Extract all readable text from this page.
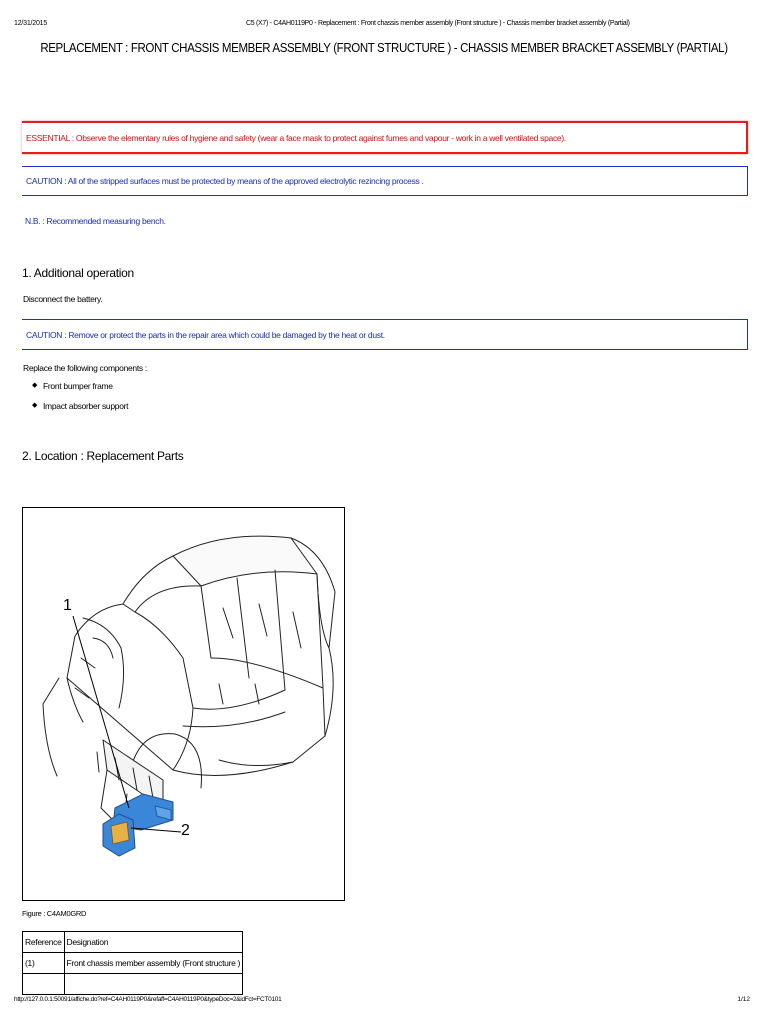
12/31/2015	C5 (X7) - C4AH0119P0 - Replacement : Front chassis member assembly (Front structure ) - Chassis member bracket assembly (Partial)
REPLACEMENT : FRONT CHASSIS MEMBER ASSEMBLY (FRONT STRUCTURE ) - CHASSIS MEMBER BRACKET ASSEMBLY (PARTIAL)
ESSENTIAL : Observe the elementary rules of hygiene and safety (wear a face mask to protect against fumes and vapour - work in a well ventilated space).
CAUTION : All of the stripped surfaces must be protected by means of the approved electrolytic rezincing process .
N.B. : Recommended measuring bench.
1. Additional operation
Disconnect the battery.
CAUTION : Remove or protect the parts in the repair area which could be damaged by the heat or dust.
Replace the following components :
◆ Front bumper frame
◆ Impact absorber support
2. Location : Replacement Parts
1
2
Figure : C4AM0GRD
Reference	Designation
(1)	Front chassis member assembly (Front structure )

http://127.0.0.1:50091/affiche.do?ref=C4AH0119P0&refaff=C4AH0119P0&typeDoc=2&idFct=FCT0101	1/12
